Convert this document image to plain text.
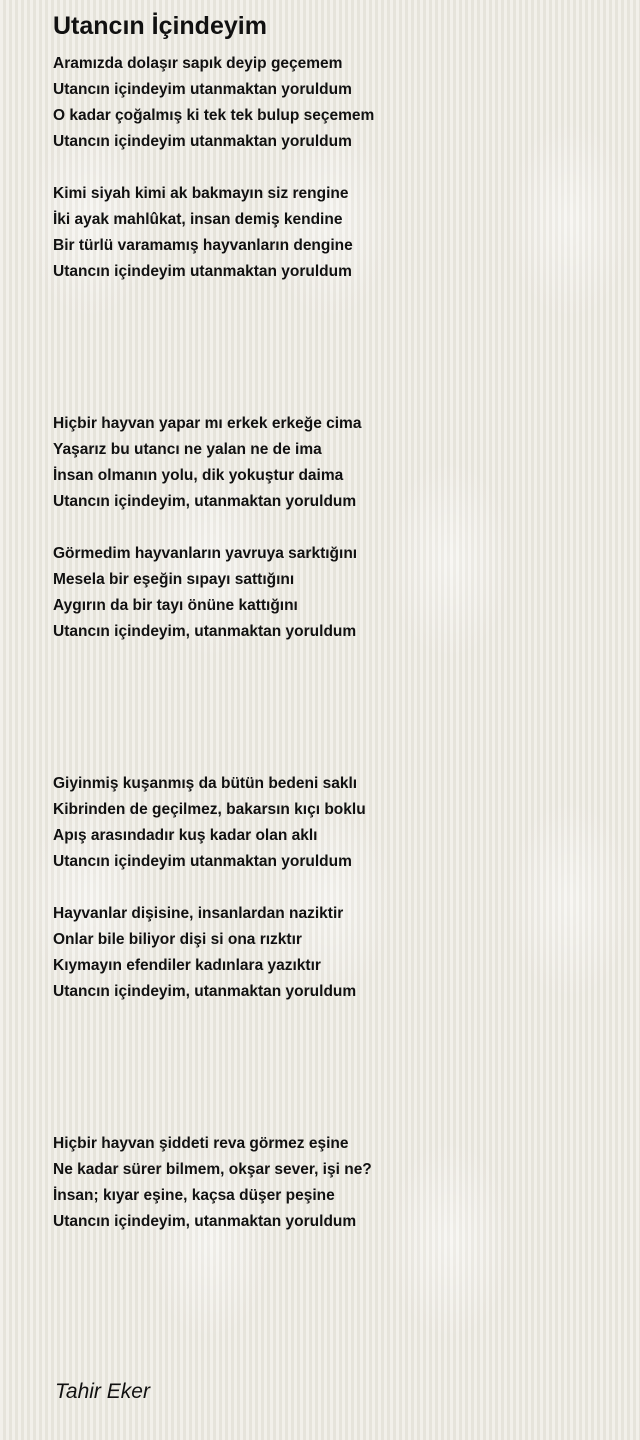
Utancın İçindeyim
Aramızda dolaşır sapık deyip geçemem
Utancın içindeyim utanmaktan yoruldum
O kadar çoğalmış ki tek tek bulup seçemem
Utancın içindeyim utanmaktan yoruldum
Kimi siyah kimi ak bakmayın siz rengine
İki ayak mahlûkat, insan demiş kendine
Bir türlü varamamış hayvanların dengine
Utancın içindeyim utanmaktan yoruldum
Hiçbir hayvan yapar mı erkek erkeğe cima
Yaşarız bu utancı ne yalan ne de ima
İnsan olmanın yolu, dik yokuştur daima
Utancın içindeyim, utanmaktan yoruldum
Görmedim hayvanların yavruya sarktığını
Mesela bir eşeğin sıpayı sattığını
Aygırın da bir tayı önüne kattığını
Utancın içindeyim, utanmaktan yoruldum
Giyinmiş kuşanmış da bütün bedeni saklı
Kibrinden de geçilmez, bakarsın kıçı boklu
Apış arasındadır kuş kadar olan aklı
Utancın içindeyim utanmaktan yoruldum
Hayvanlar dişisine, insanlardan naziktir
Onlar bile biliyor dişi si ona rızktır
Kıymayın efendiler kadınlara yazıktır
Utancın içindeyim, utanmaktan yoruldum
Hiçbir hayvan şiddeti reva görmez eşine
Ne kadar sürer bilmem, okşar sever, işi ne?
İnsan; kıyar eşine, kaçsa düşer peşine
Utancın içindeyim, utanmaktan yoruldum
Tahir Eker
